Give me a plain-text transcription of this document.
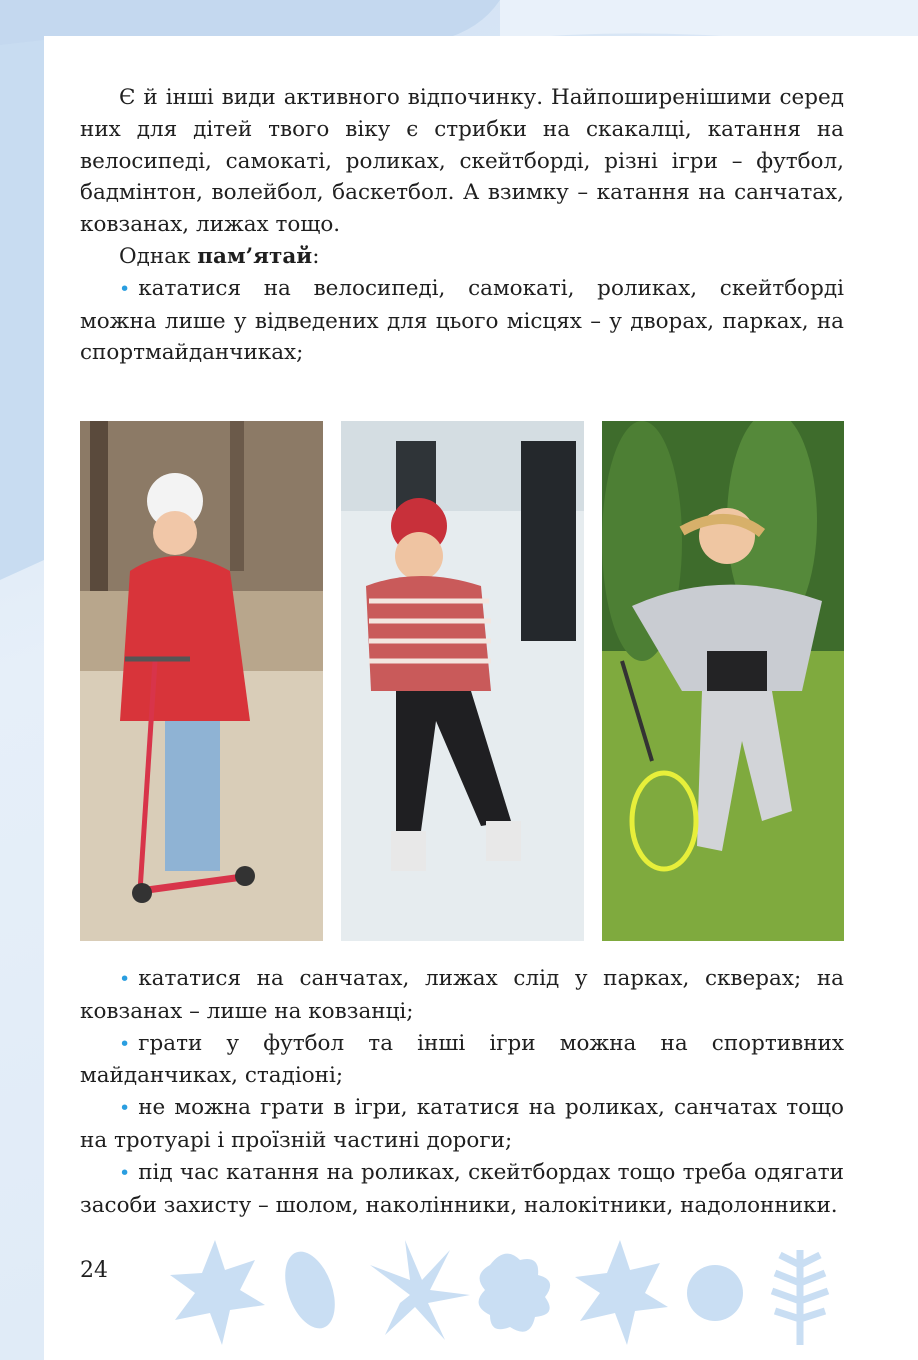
Є й інші види активного відпочинку. Найпоширенішими серед них для дітей твого віку є стрибки на скакалці, катання на велосипеді, самокаті, роликах, скейтборді, різні ігри – футбол, бадмінтон, волейбол, баскетбол. А взимку – катання на санчатах, ковзанах, лижах тощо.

Однак пам’ятай:

• кататися на велосипеді, самокаті, роликах, скейтборді можна лише у відведених для цього місцях – у дворах, парках, на спортмайданчиках;

• кататися на санчатах, лижах слід у парках, скверах; на ковзанах – лише на ковзанці;

• грати у футбол та інші ігри можна на спортивних майданчиках, стадіоні;

• не можна грати в ігри, кататися на роликах, санчатах тощо на тротуарі і проїзній частині дороги;

• під час катання на роликах, скейтбордах тощо треба одягати засоби захисту – шолом, наколінники, налокітники, надолонники.

24
